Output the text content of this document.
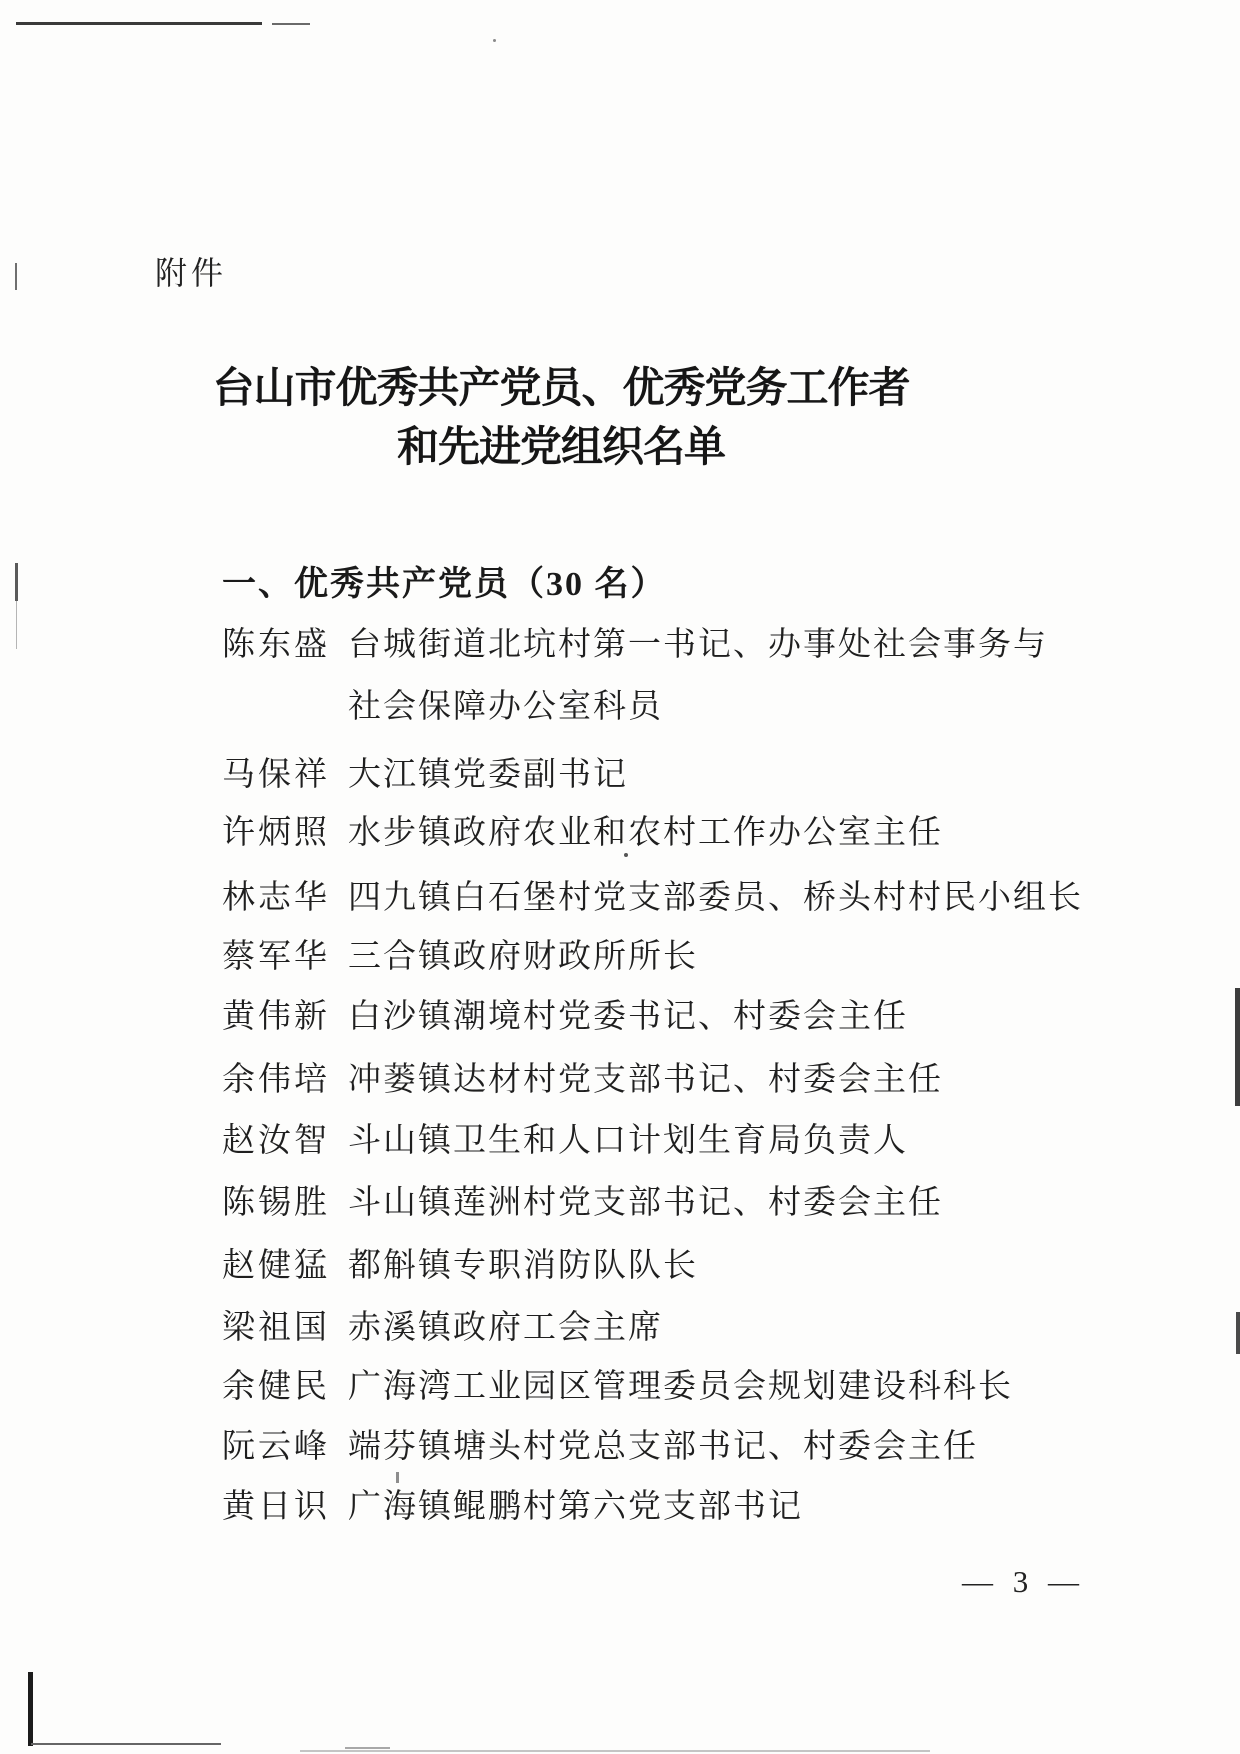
附件
台山市优秀共产党员、优秀党务工作者
和先进党组织名单
一、优秀共产党员（30 名）
陈东盛 台城街道北坑村第一书记、办事处社会事务与
社会保障办公室科员
马保祥 大江镇党委副书记
许炳照 水步镇政府农业和农村工作办公室主任
林志华 四九镇白石堡村党支部委员、桥头村村民小组长
蔡军华 三合镇政府财政所所长
黄伟新 白沙镇潮境村党委书记、村委会主任
余伟培 冲蒌镇达材村党支部书记、村委会主任
赵汝智 斗山镇卫生和人口计划生育局负责人
陈锡胜 斗山镇莲洲村党支部书记、村委会主任
赵健猛 都斛镇专职消防队队长
梁祖国 赤溪镇政府工会主席
余健民 广海湾工业园区管理委员会规划建设科科长
阮云峰 端芬镇塘头村党总支部书记、村委会主任
黄日识 广海镇鲲鹏村第六党支部书记
— 3 —
